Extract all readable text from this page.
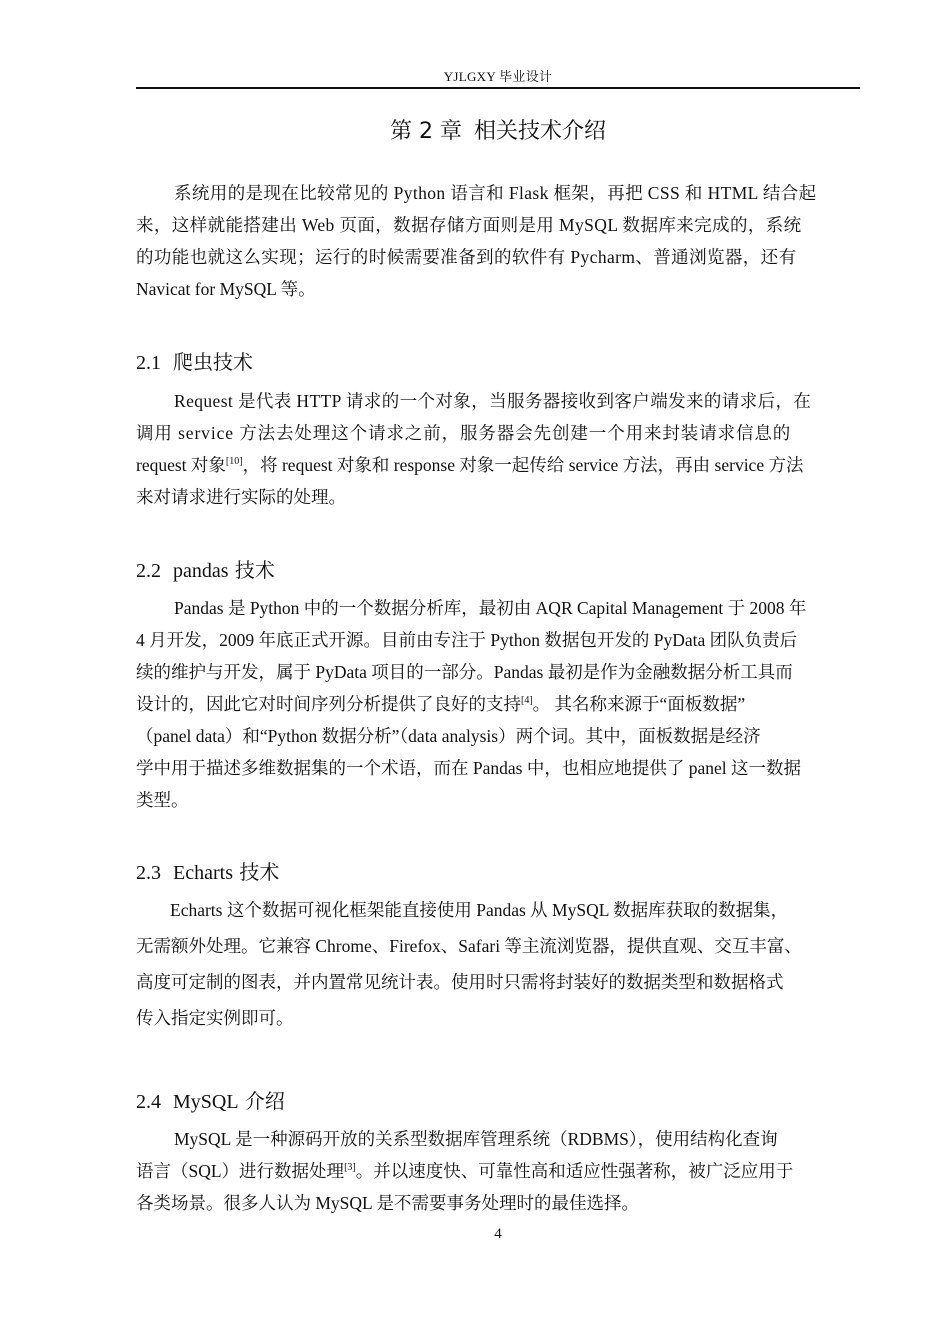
YJLGXY 毕业设计
第 2 章 相关技术介绍

系统用的是现在比较常见的 Python 语言和 Flask 框架，再把 CSS 和 HTML 结合起
来，这样就能搭建出 Web 页面，数据存储方面则是用 MySQL 数据库来完成的，系统
的功能也就这么实现；运行的时候需要准备到的软件有 Pycharm、普通浏览器，还有
Navicat for MySQL 等。

2.1 爬虫技术

Request 是代表 HTTP 请求的一个对象，当服务器接收到客户端发来的请求后，在
调用 service 方法去处理这个请求之前，服务器会先创建一个用来封装请求信息的
request 对象[10]，将 request 对象和 response 对象一起传给 service 方法，再由 service 方法
来对请求进行实际的处理。

2.2 pandas 技术

Pandas 是 Python 中的一个数据分析库，最初由 AQR Capital Management 于 2008 年
4 月开发，2009 年底正式开源。目前由专注于 Python 数据包开发的 PyData 团队负责后
续的维护与开发，属于 PyData 项目的一部分。Pandas 最初是作为金融数据分析工具而
设计的，因此它对时间序列分析提供了良好的支持[4]。 其名称来源于“面板数据”
（panel data）和“Python 数据分析”（data analysis）两个词。其中，面板数据是经济
学中用于描述多维数据集的一个术语，而在 Pandas 中，也相应地提供了 panel 这一数据
类型。

2.3 Echarts 技术

Echarts 这个数据可视化框架能直接使用 Pandas 从 MySQL 数据库获取的数据集，
无需额外处理。它兼容 Chrome、Firefox、Safari 等主流浏览器，提供直观、交互丰富、
高度可定制的图表，并内置常见统计表。使用时只需将封装好的数据类型和数据格式
传入指定实例即可。

2.4 MySQL 介绍

MySQL 是一种源码开放的关系型数据库管理系统（RDBMS），使用结构化查询
语言（SQL）进行数据处理[3]。并以速度快、可靠性高和适应性强著称，被广泛应用于
各类场景。很多人认为 MySQL 是不需要事务处理时的最佳选择。

4
